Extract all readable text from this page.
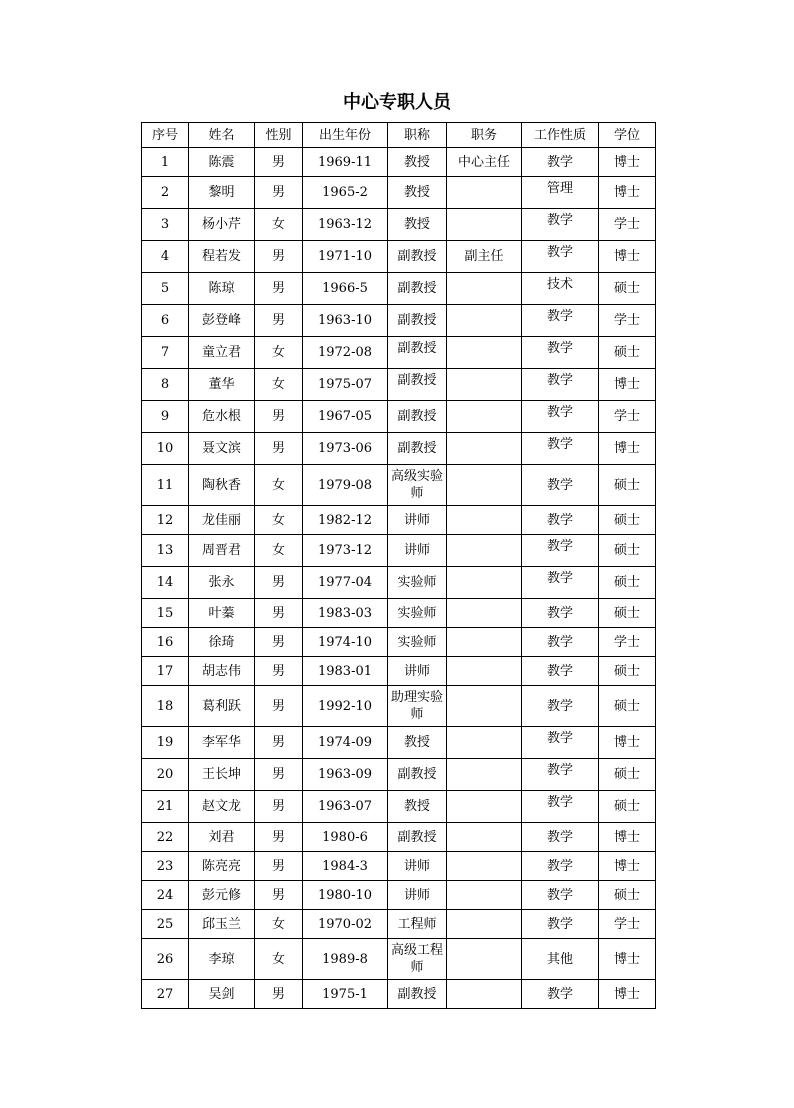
中心专职人员
序号	姓名	性别	出生年份	职称	职务	工作性质	学位
1	陈震	男	1969-11	教授	中心主任	教学	博士
2	黎明	男	1965-2	教授		管理	博士
3	杨小芹	女	1963-12	教授		教学	学士
4	程若发	男	1971-10	副教授	副主任	教学	博士
5	陈琼	男	1966-5	副教授		技术	硕士
6	彭登峰	男	1963-10	副教授		教学	学士
7	童立君	女	1972-08	副教授		教学	硕士
8	董华	女	1975-07	副教授		教学	博士
9	危水根	男	1967-05	副教授		教学	学士
10	聂文滨	男	1973-06	副教授		教学	博士
11	陶秋香	女	1979-08	高级实验师		教学	硕士
12	龙佳丽	女	1982-12	讲师		教学	硕士
13	周晋君	女	1973-12	讲师		教学	硕士
14	张永	男	1977-04	实验师		教学	硕士
15	叶蓁	男	1983-03	实验师		教学	硕士
16	徐琦	男	1974-10	实验师		教学	学士
17	胡志伟	男	1983-01	讲师		教学	硕士
18	葛利跃	男	1992-10	助理实验师		教学	硕士
19	李军华	男	1974-09	教授		教学	博士
20	王长坤	男	1963-09	副教授		教学	硕士
21	赵文龙	男	1963-07	教授		教学	硕士
22	刘君	男	1980-6	副教授		教学	博士
23	陈亮亮	男	1984-3	讲师		教学	博士
24	彭元修	男	1980-10	讲师		教学	硕士
25	邱玉兰	女	1970-02	工程师		教学	学士
26	李琼	女	1989-8	高级工程师		其他	博士
27	吴剑	男	1975-1	副教授		教学	博士
